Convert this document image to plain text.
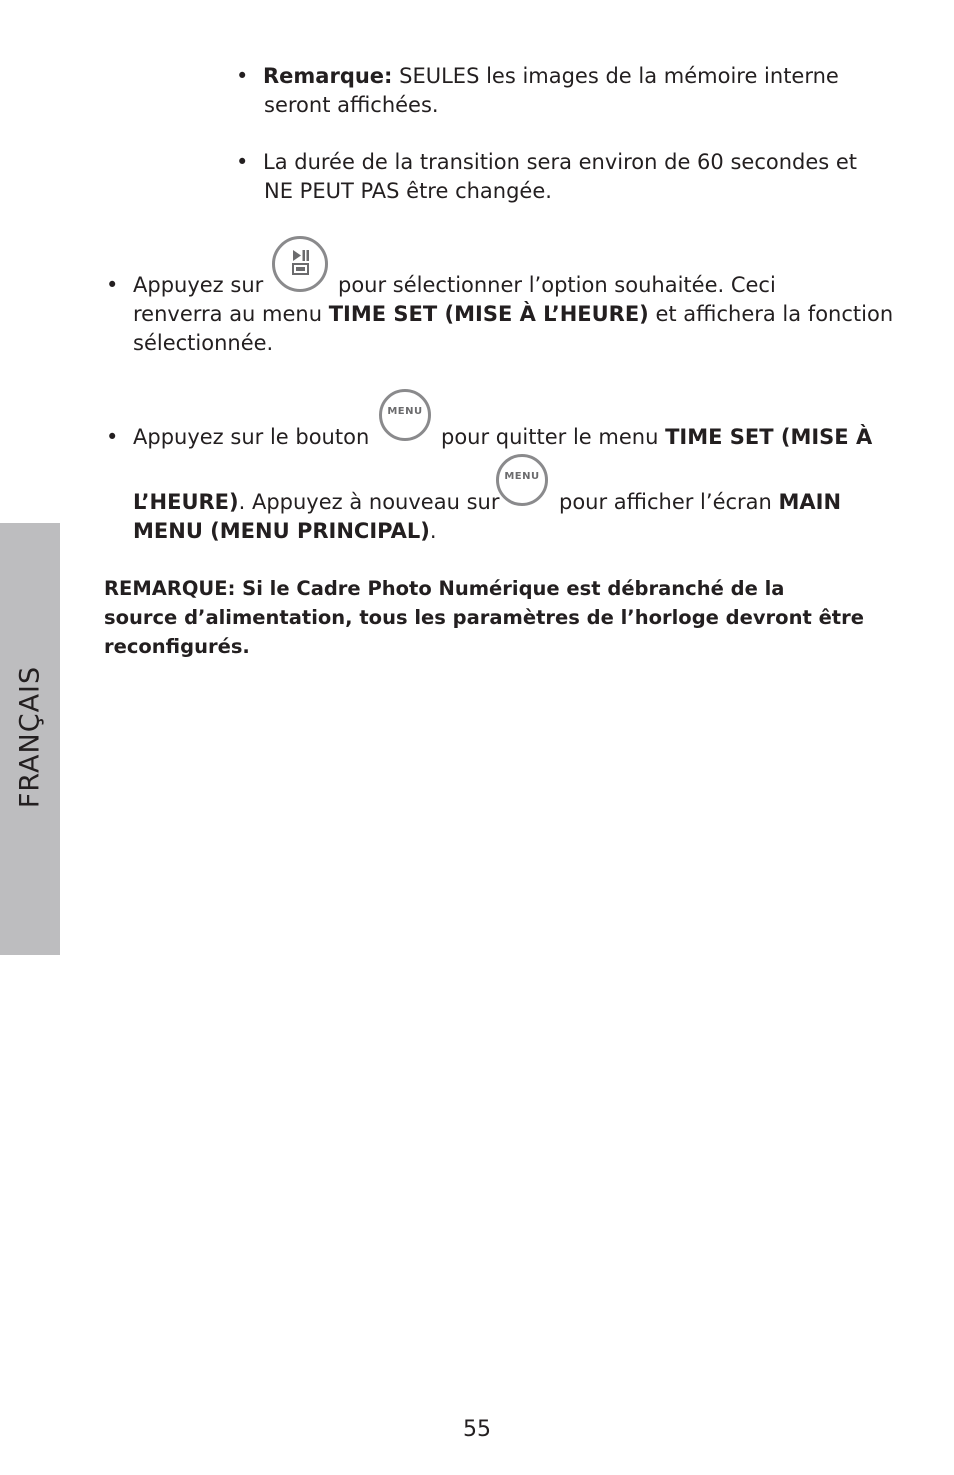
FRANÇAIS
• Remarque: SEULES les images de la mémoire interne
seront affichées.
• La durée de la transition sera environ de 60 secondes et
NE PEUT PAS être changée.
• Appuyez sur	pour sélectionner l’option souhaitée. Ceci
renverra au menu TIME SET (MISE À L’HEURE) et affichera la fonction
sélectionnée.
• Appuyez sur le bouton
MENU
pour quitter le menu TIME SET (MISE À
L’HEURE). Appuyez à nouveau sur
MENU
pour afficher l’écran MAIN
MENU (MENU PRINCIPAL).
REMARQUE: Si le Cadre Photo Numérique est débranché de la
source d’alimentation, tous les paramètres de l’horloge devront être
reconfigurés.
55
